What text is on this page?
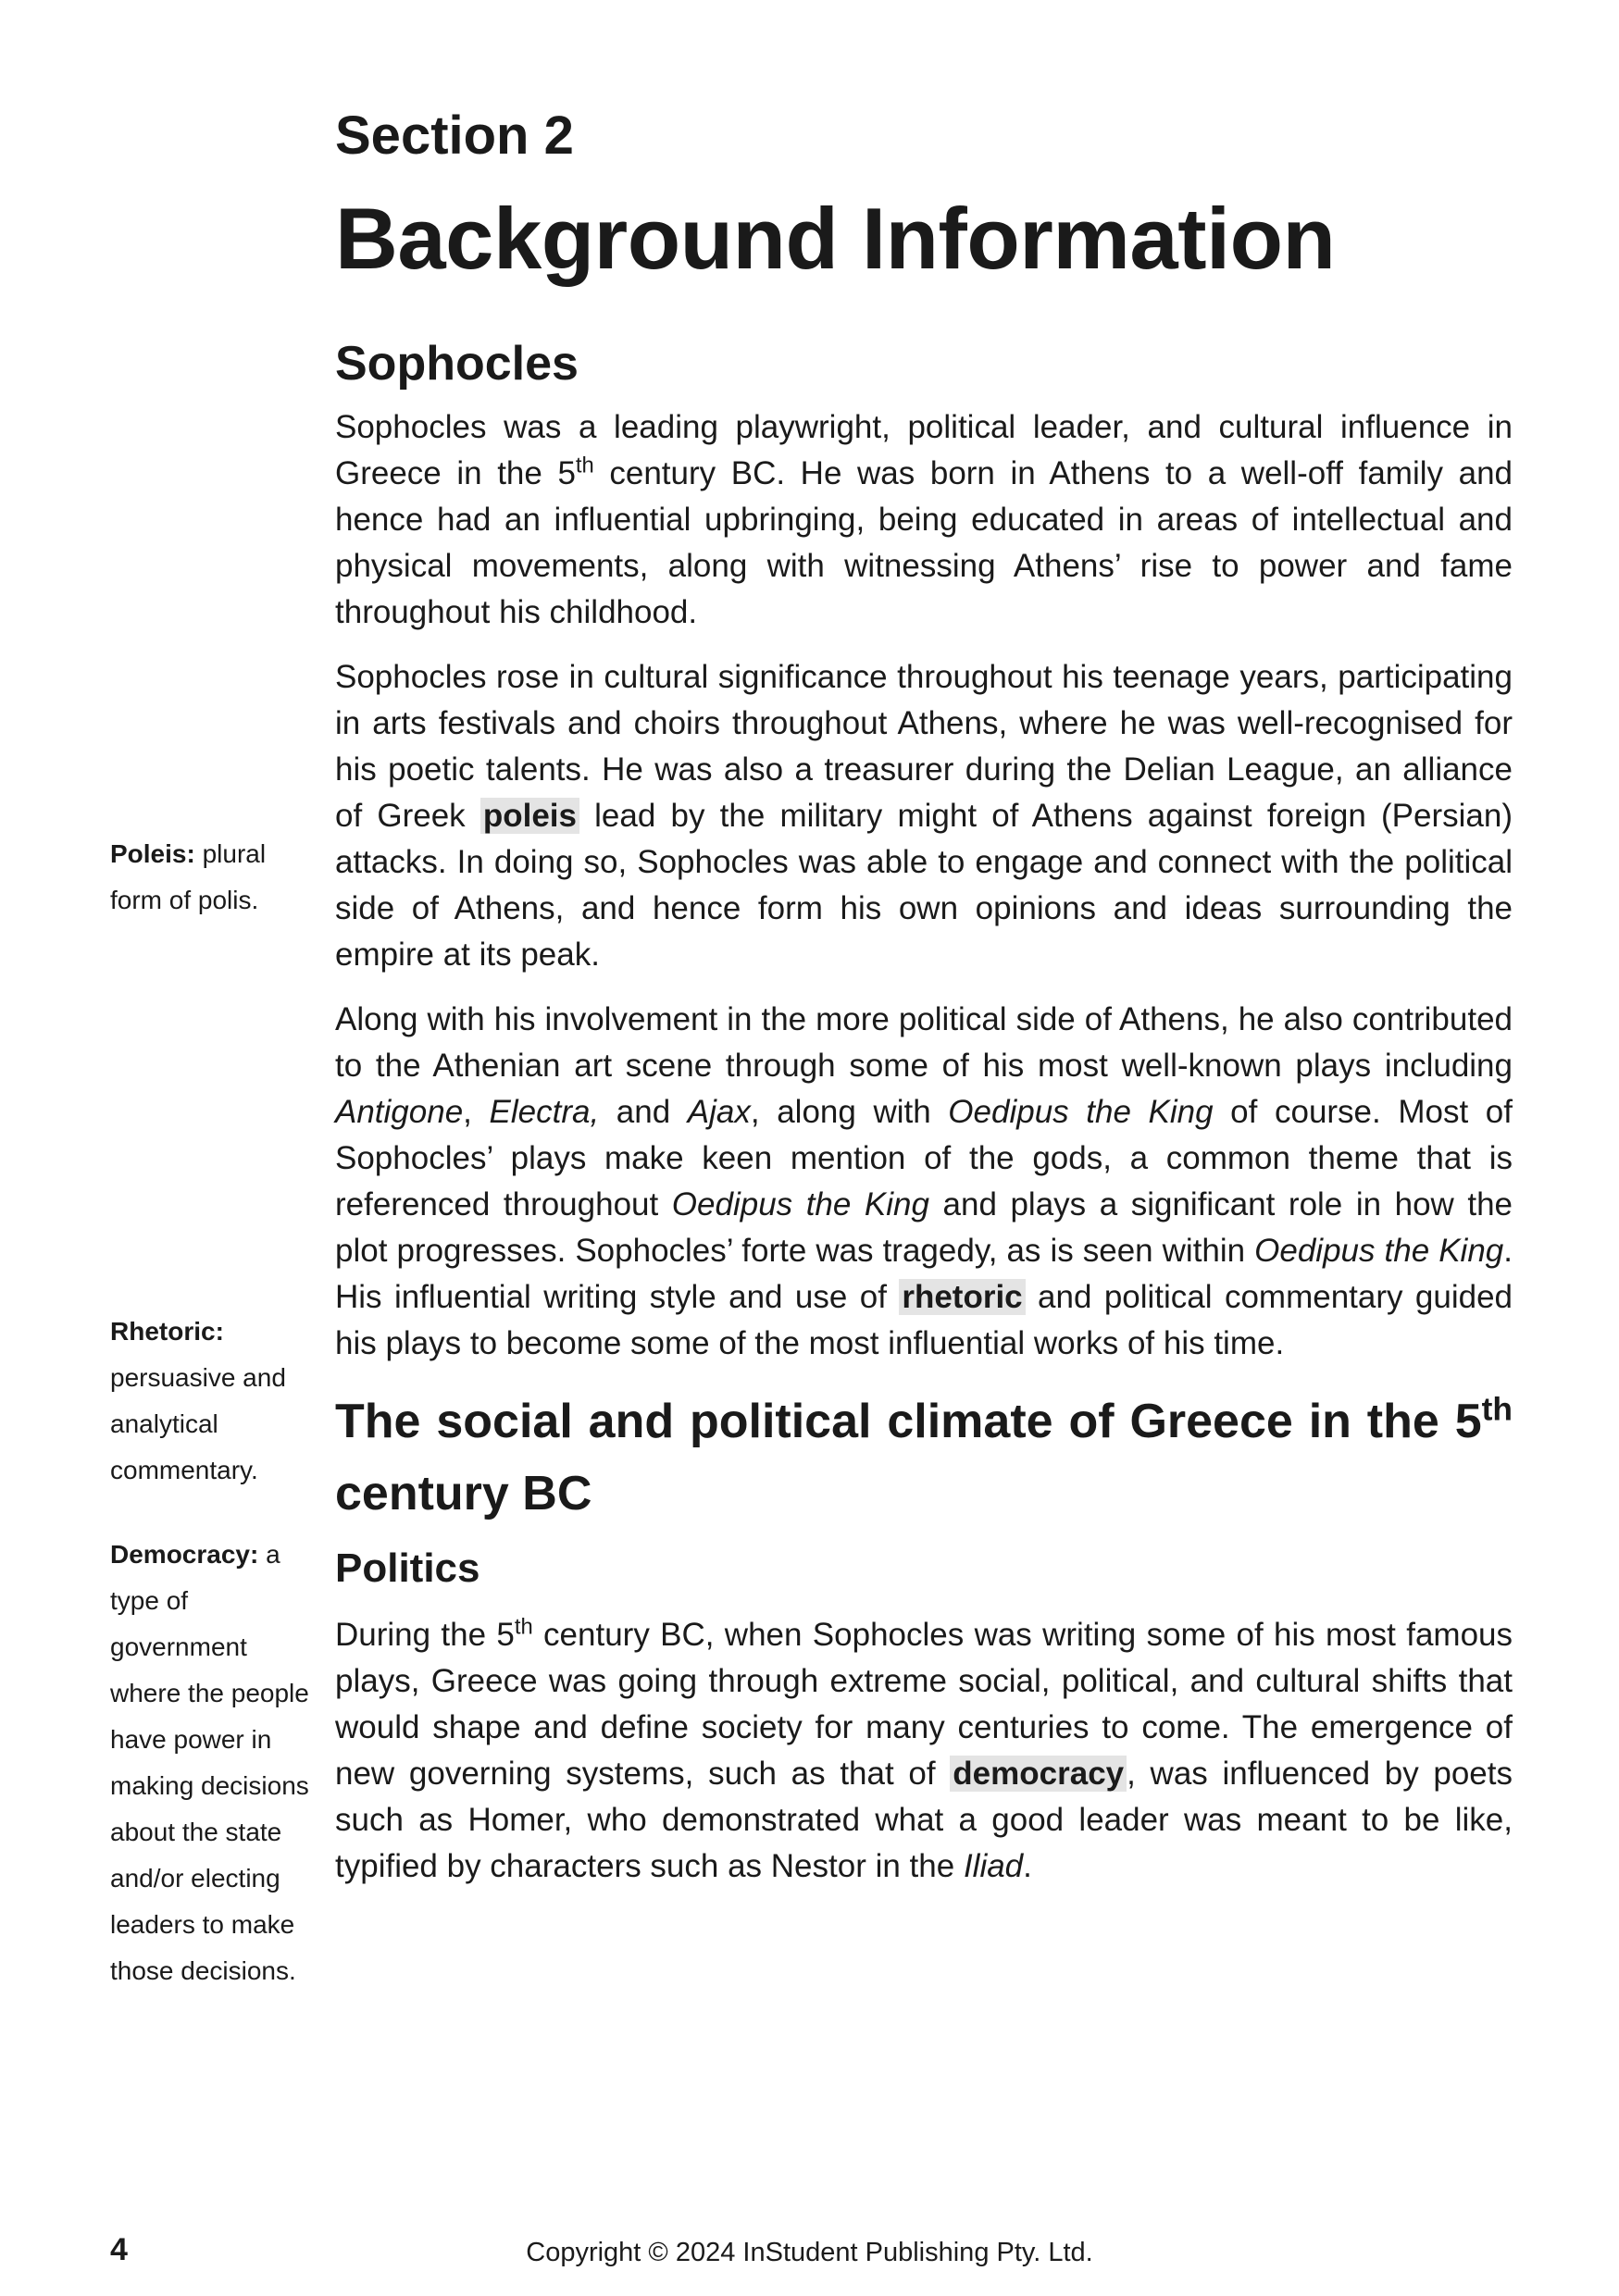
Section 2
Background Information
Sophocles

Sophocles was a leading playwright, political leader, and cultural influence in Greece in the 5th century BC. He was born in Athens to a well-off family and hence had an influential upbringing, being educated in areas of intellectual and physical movements, along with witnessing Athens’ rise to power and fame throughout his childhood.

Sophocles rose in cultural significance throughout his teenage years, participating in arts festivals and choirs throughout Athens, where he was well-recognised for his poetic talents. He was also a treasurer during the Delian League, an alliance of Greek poleis lead by the military might of Athens against foreign (Persian) attacks. In doing so, Sophocles was able to engage and connect with the political side of Athens, and hence form his own opinions and ideas surrounding the empire at its peak.

Along with his involvement in the more political side of Athens, he also contributed to the Athenian art scene through some of his most well-known plays including Antigone, Electra, and Ajax, along with Oedipus the King of course. Most of Sophocles’ plays make keen mention of the gods, a common theme that is referenced throughout Oedipus the King and plays a significant role in how the plot progresses. Sophocles’ forte was tragedy, as is seen within Oedipus the King. His influential writing style and use of rhetoric and political commentary guided his plays to become some of the most influential works of his time.

The social and political climate of Greece in the 5th century BC
Politics

During the 5th century BC, when Sophocles was writing some of his most famous plays, Greece was going through extreme social, political, and cultural shifts that would shape and define society for many centuries to come. The emergence of new governing systems, such as that of democracy, was influenced by poets such as Homer, who demonstrated what a good leader was meant to be like, typified by characters such as Nestor in the Iliad.

Poleis: plural form of polis.
Rhetoric: persuasive and analytical commentary.
Democracy: a type of government where the people have power in making decisions about the state and/or electing leaders to make those decisions.
4	Copyright © 2024 InStudent Publishing Pty. Ltd.
